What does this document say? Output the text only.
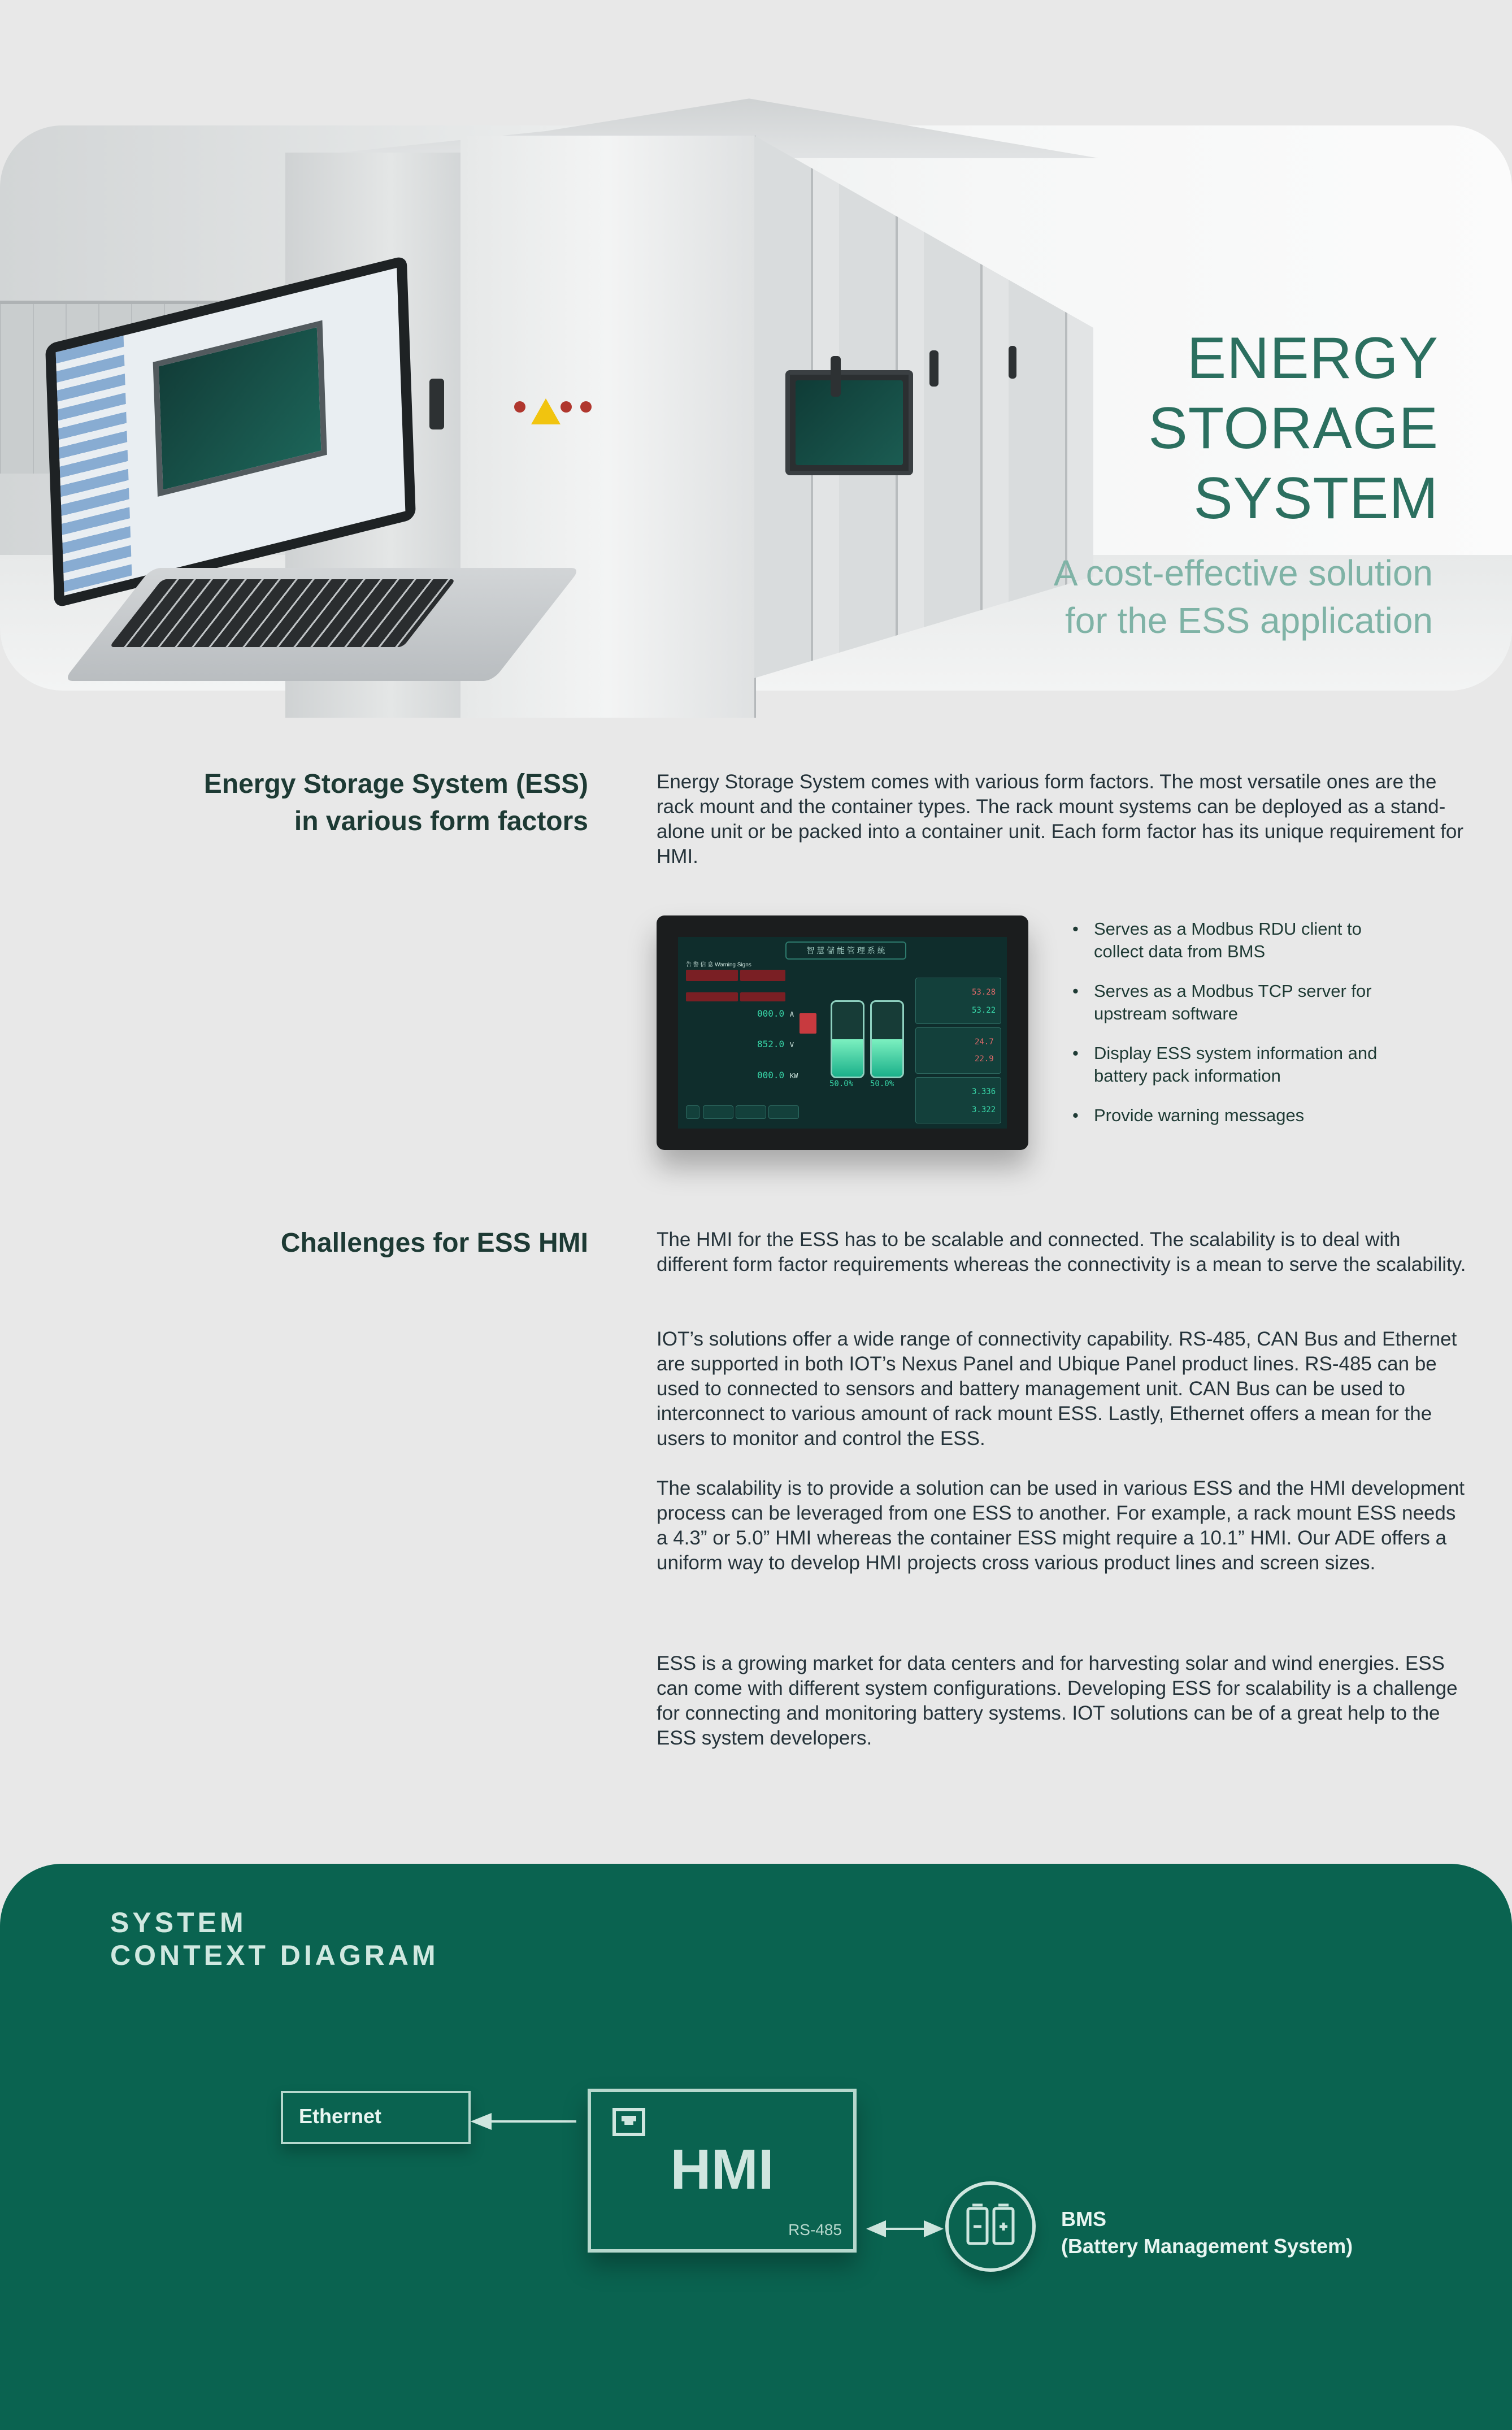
ENERGY
STORAGE
SYSTEM

A cost-effective solution
for the ESS application

Energy Storage System (ESS)
in various form factors

Energy Storage System comes with various form factors. The most versatile ones are the rack mount and the container types. The rack mount systems can be deployed as a stand-alone unit or be packed into a container unit. Each form factor has its unique requirement for HMI.

智 慧 儲 能 管 理 系 統
告 警 信 息 Warning Signs
000.0 A
852.0 V
000.0 KW
50.0% 50.0%
53.28
53.22
24.7
22.9
3.336
3.322
• Serves as a Modbus RDU client to collect data from BMS
• Serves as a Modbus TCP server for upstream software
• Display ESS system information and battery pack information
• Provide warning messages
Challenges for ESS HMI	The HMI for the ESS has to be scalable and connected. The scalability is to deal with different form factor requirements whereas the connectivity is a mean to serve the scalability.

IOT’s solutions offer a wide range of connectivity capability. RS-485, CAN Bus and Ethernet are supported in both IOT’s Nexus Panel and Ubique Panel product lines. RS-485 can be used to connected to sensors and battery management unit. CAN Bus can be used to interconnect to various amount of rack mount ESS. Lastly, Ethernet offers a mean for the users to monitor and control the ESS.

The scalability is to provide a solution can be used in various ESS and the HMI development process can be leveraged from one ESS to another. For example, a rack mount ESS needs a 4.3” or 5.0” HMI whereas the container ESS might require a 10.1” HMI. Our ADE offers a uniform way to develop HMI projects cross various product lines and screen sizes.

ESS is a growing market for data centers and for harvesting solar and wind energies. ESS can come with different system configurations. Developing ESS for scalability is a challenge for connecting and monitoring battery systems. IOT solutions can be of a great help to the ESS system developers.

SYSTEM
CONTEXT DIAGRAM
Ethernet
HMI
RS-485	BMS
(Battery Management System)
